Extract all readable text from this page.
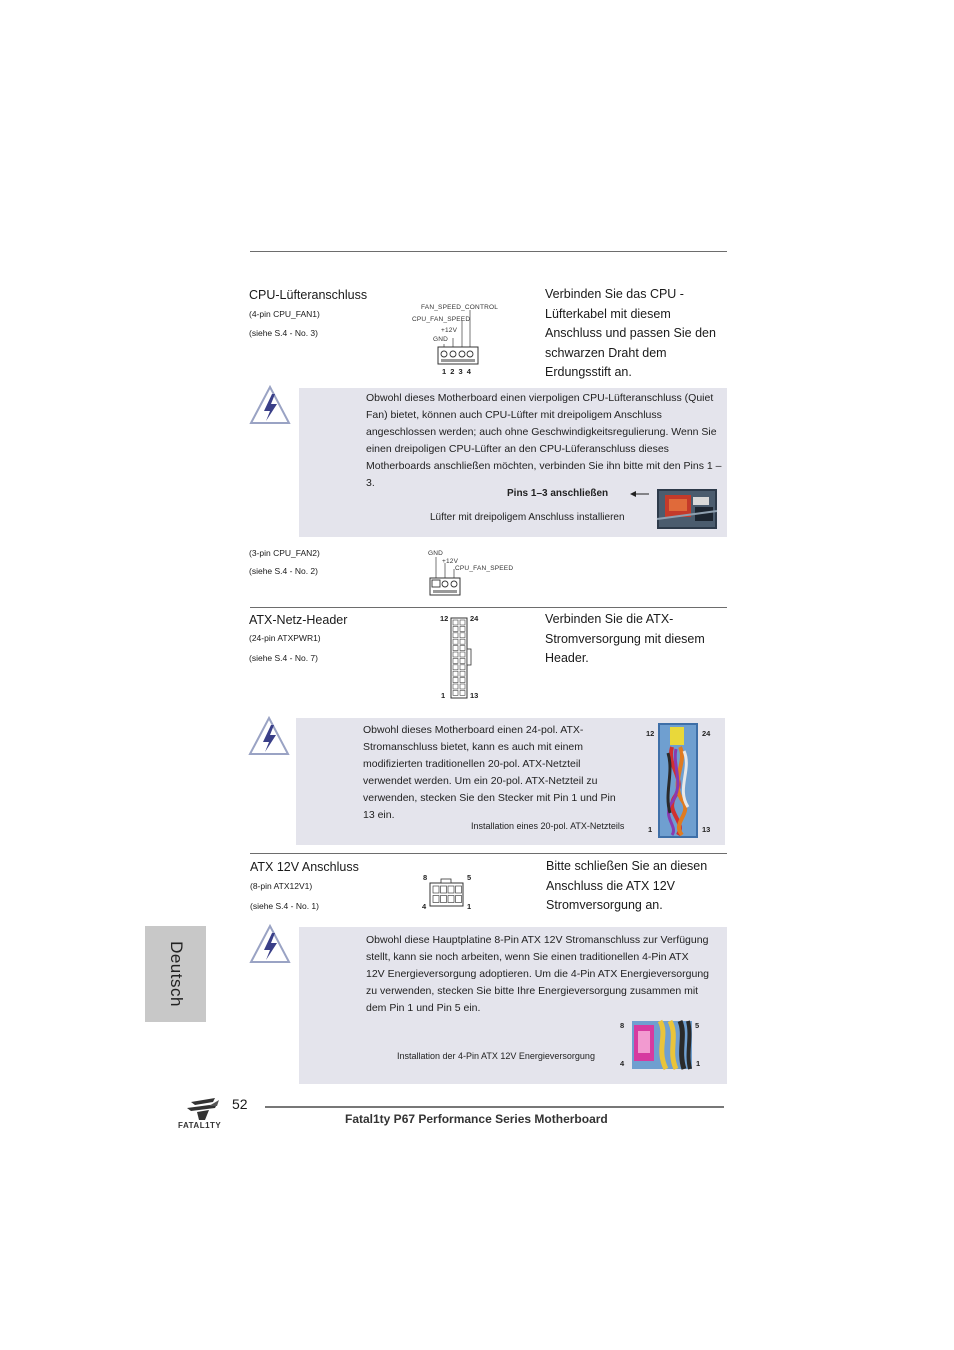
CPU-Lüfteranschluss
(4-pin CPU_FAN1)
(siehe S.4 - No. 3)
Verbinden Sie das CPU - Lüfterkabel mit diesem Anschluss und passen Sie den schwarzen Draht dem Erdungsstift an.
FAN_SPEED_CONTROL
CPU_FAN_SPEED
+12V
GND
1 2 3 4
Obwohl dieses Motherboard einen vierpoligen CPU-Lüfteranschluss (Quiet Fan) bietet, können auch CPU-Lüfter mit dreipoligem Anschluss angeschlossen werden; auch ohne Geschwindigkeitsregulierung. Wenn Sie einen dreipoligen CPU-Lüfter an den CPU-Lüferanschluss dieses Motherboards anschließen möchten, verbinden Sie ihn bitte mit den Pins 1 – 3.
Pins 1–3 anschließen
Lüfter mit dreipoligem Anschluss installieren
(3-pin CPU_FAN2)
(siehe S.4 - No. 2)
GND
+12V
CPU_FAN_SPEED
ATX-Netz-Header
(24-pin ATXPWR1)
(siehe S.4 - No. 7)
Verbinden Sie die ATX-Stromversorgung mit diesem Header.
12	24
1	13
Obwohl dieses Motherboard einen 24-pol. ATX-Stromanschluss bietet, kann es auch mit einem modifizierten traditionellen 20-pol. ATX-Netzteil verwendet werden. Um ein 20-pol. ATX-Netzteil zu verwenden, stecken Sie den Stecker mit Pin 1 und Pin 13 ein.
Installation eines 20-pol. ATX-Netzteils
12	24
1	13
ATX 12V Anschluss
(8-pin ATX12V1)
(siehe S.4 - No. 1)
Bitte schließen Sie an diesen Anschluss die ATX 12V Stromversorgung an.
8	5
4	1
Obwohl diese Hauptplatine 8-Pin ATX 12V Stromanschluss zur Verfügung stellt, kann sie noch arbeiten, wenn Sie einen traditionellen 4-Pin ATX 12V Energieversorgung adoptieren. Um die 4-Pin ATX Energieversorgung zu verwenden, stecken Sie bitte Ihre Energieversorgung zusammen mit dem Pin 1 und Pin 5 ein.
Installation der 4-Pin ATX 12V Energieversorgung
8	5
4	1
Deutsch
FATAL1TY
52
Fatal1ty P67 Performance Series Motherboard
